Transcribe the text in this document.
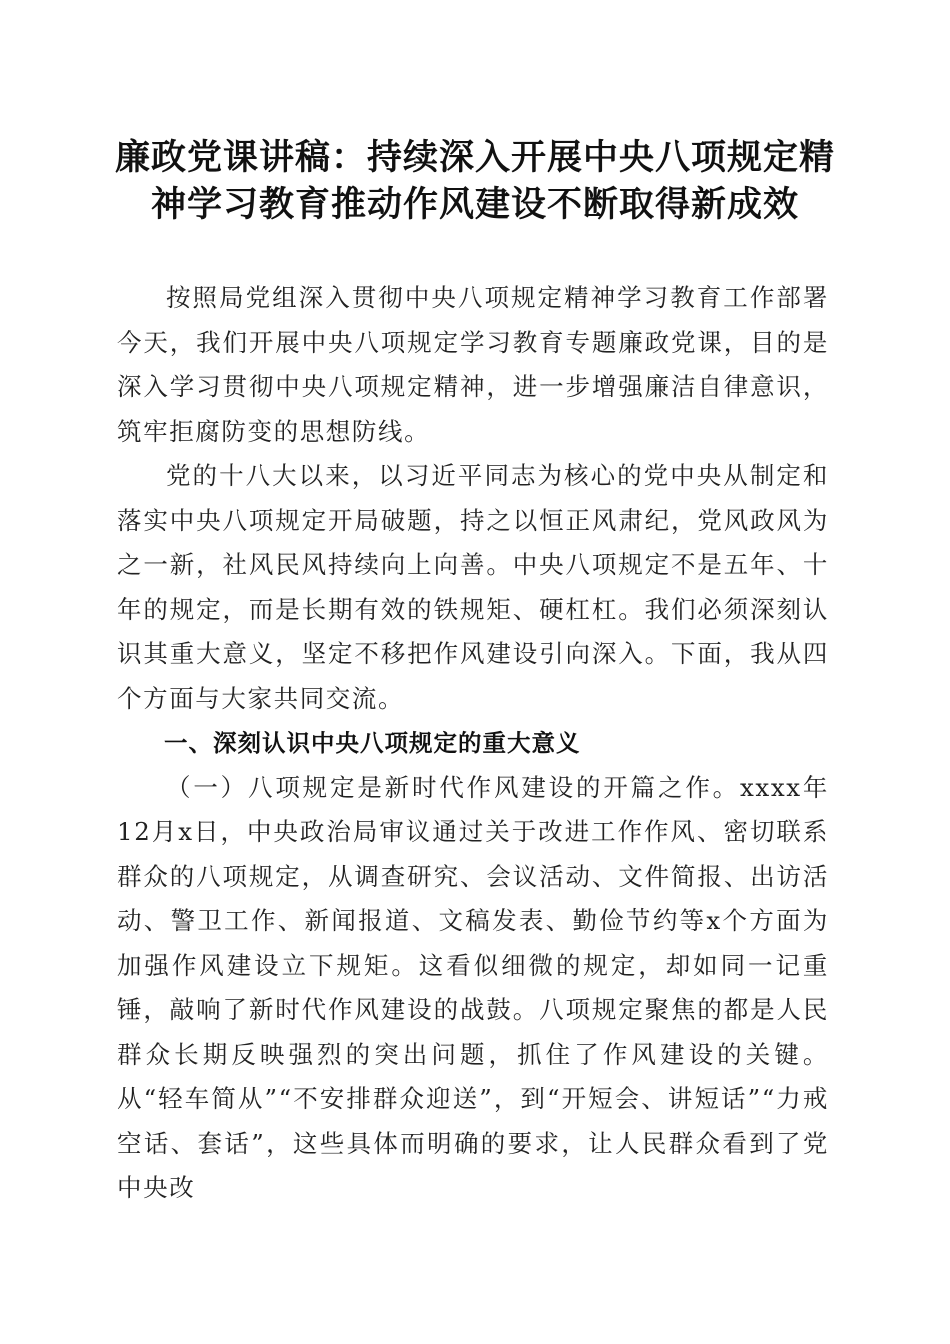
廉政党课讲稿：持续深入开展中央八项规定精
神学习教育推动作风建设不断取得新成效

按照局党组深入贯彻中央八项规定精神学习教育工作部署今天，我们开展中央八项规定学习教育专题廉政党课，目的是深入学习贯彻中央八项规定精神，进一步增强廉洁自律意识，筑牢拒腐防变的思想防线。

党的十八大以来，以习近平同志为核心的党中央从制定和落实中央八项规定开局破题，持之以恒正风肃纪，党风政风为之一新，社风民风持续向上向善。中央八项规定不是五年、十年的规定，而是长期有效的铁规矩、硬杠杠。我们必须深刻认识其重大意义，坚定不移把作风建设引向深入。下面，我从四个方面与大家共同交流。

一、深刻认识中央八项规定的重大意义

（一）八项规定是新时代作风建设的开篇之作。xxxx年12月x日，中央政治局审议通过关于改进工作作风、密切联系群众的八项规定，从调查研究、会议活动、文件简报、出访活动、警卫工作、新闻报道、文稿发表、勤俭节约等x个方面为加强作风建设立下规矩。这看似细微的规定，却如同一记重锤，敲响了新时代作风建设的战鼓。八项规定聚焦的都是人民群众长期反映强烈的突出问题，抓住了作风建设的关键。从“轻车简从”“不安排群众迎送”，到“开短会、讲短话”“力戒空话、套话”，这些具体而明确的要求，让人民群众看到了党中央改
